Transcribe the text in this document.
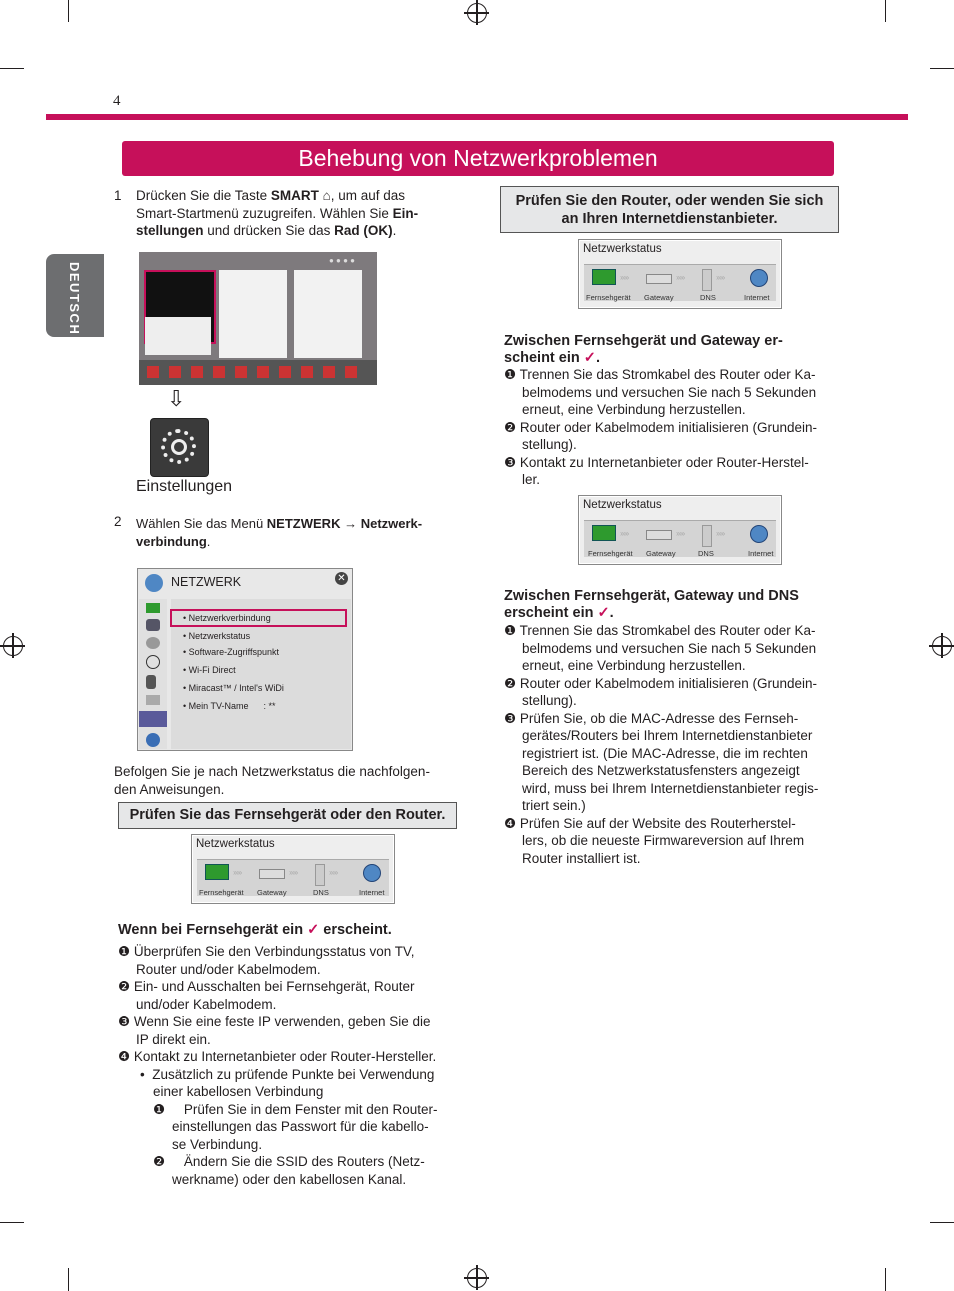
4
Behebung von Netzwerkproblemen
DEUTSCH
1 Drücken Sie die Taste SMART ⌂, um auf das
Smart-Startmenü zuzugreifen. Wählen Sie Ein-
stellungen und drücken Sie das Rad (OK).
● ● ● ●
⇩
Einstellungen
2 Wählen Sie das Menü NETZWERK → Netzwerk-
verbindung.
NETZWERK	✕
• Netzwerkverbindung
• Netzwerkstatus
• Software-Zugriffspunkt
• Wi-Fi Direct
• Miracast™ / Intel's WiDi
• Mein TV-Name : **
Befolgen Sie je nach Netzwerkstatus die nachfolgen-
den Anweisungen.
Prüfen Sie das Fernsehgerät oder den Router.
Netzwerkstatus
›››››	›››››	›››››
Fernsehgerät Gateway	DNS	Internet
Wenn bei Fernsehgerät ein ✓ erscheint.
❶ Überprüfen Sie den Verbindungsstatus von TV,
Router und/oder Kabelmodem.
❷ Ein- und Ausschalten bei Fernsehgerät, Router
und/oder Kabelmodem.
❸ Wenn Sie eine feste IP verwenden, geben Sie die
IP direkt ein.
❹ Kontakt zu Internetanbieter oder Router-Hersteller.
•  Zusätzlich zu prüfende Punkte bei Verwendung
einer kabellosen Verbindung
❶ Prüfen Sie in dem Fenster mit den Router-
einstellungen das Passwort für die kabello-
se Verbindung.
❷ Ändern Sie die SSID des Routers (Netz-
werkname) oder den kabellosen Kanal.
Prüfen Sie den Router, oder wenden Sie sich
an Ihren Internetdienstanbieter.
Netzwerkstatus
›››››	›››››	›››››
Fernsehgerät Gateway	DNS	Internet
Zwischen Fernsehgerät und Gateway er-
scheint ein ✓.
❶ Trennen Sie das Stromkabel des Router oder Ka-
belmodems und versuchen Sie nach 5 Sekunden
erneut, eine Verbindung herzustellen.
❷ Router oder Kabelmodem initialisieren (Grundein-
stellung).
❸ Kontakt zu Internetanbieter oder Router-Herstel-
ler.
Netzwerkstatus
›››››	›››››	›››››
Fernsehgerät Gateway	DNS	Internet
Zwischen Fernsehgerät, Gateway und DNS
erscheint ein ✓.
❶ Trennen Sie das Stromkabel des Router oder Ka-
belmodems und versuchen Sie nach 5 Sekunden
erneut, eine Verbindung herzustellen.
❷ Router oder Kabelmodem initialisieren (Grundein-
stellung).
❸ Prüfen Sie, ob die MAC-Adresse des Fernseh-
gerätes/Routers bei Ihrem Internetdienstanbieter
registriert ist. (Die MAC-Adresse, die im rechten
Bereich des Netzwerkstatusfensters angezeigt
wird, muss bei Ihrem Internetdienstanbieter regis-
triert sein.)
❹ Prüfen Sie auf der Website des Routerherstel-
lers, ob die neueste Firmwareversion auf Ihrem
Router installiert ist.
